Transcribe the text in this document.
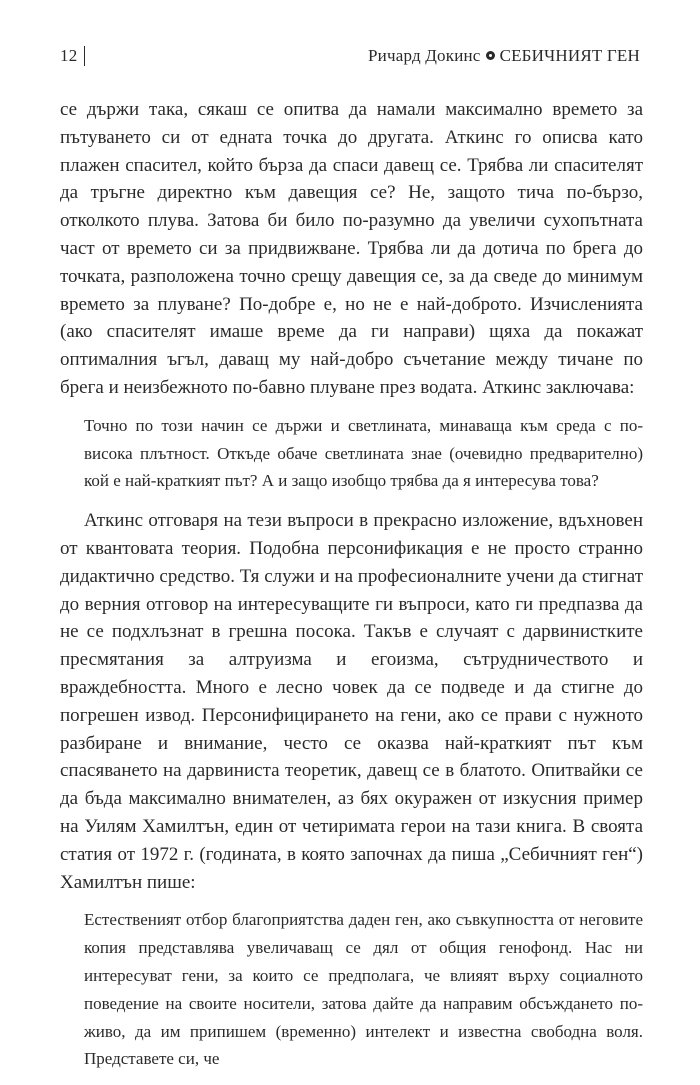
12	Ричард Докинс СЕБИЧНИЯТ ГЕН

се държи така, сякаш се опитва да намали максимално времето за пътуването си от едната точка до другата. Аткинс го описва като плажен спасител, който бърза да спаси давещ се. Трябва ли спасителят да тръгне директно към давещия се? Не, защото тича по-бързо, отколкото плува. Затова би било по-разумно да увеличи сухопътната част от времето си за придвижване. Трябва ли да дотича по брега до точката, разположена точно срещу давещия се, за да сведе до минимум времето за плуване? По-добре е, но не е най-доброто. Изчисленията (ако спасителят имаше време да ги направи) щяха да покажат оптималния ъгъл, даващ му най-добро съчетание между тичане по брега и неизбежното по-бавно плуване през водата. Аткинс заключава:

Точно по този начин се държи и светлината, минаваща към среда с по-висока плътност. Откъде обаче светлината знае (очевидно предварително) кой е най-краткият път? А и защо изобщо трябва да я интересува това?

Аткинс отговаря на тези въпроси в прекрасно изложение, вдъхновен от квантовата теория. Подобна персонификация е не просто странно дидактично средство. Тя служи и на професионалните учени да стигнат до верния отговор на интересуващите ги въпроси, като ги предпазва да не се подхлъзнат в грешна посока. Такъв е случаят с дарвинистките пресмятания за алтруизма и егоизма, сътрудничеството и враждебността. Много е лесно човек да се подведе и да стигне до погрешен извод. Персонифицирането на гени, ако се прави с нужното разбиране и внимание, често се оказва най-краткият път към спасяването на дарвиниста теоретик, давещ се в блатото. Опитвайки се да бъда максимално внимателен, аз бях окуражен от изкусния пример на Уилям Хамилтън, един от четиримата герои на тази книга. В своята статия от 1972 г. (годината, в която започнах да пиша „Себичният ген“) Хамилтън пише:

Естественият отбор благоприятства даден ген, ако съвкупността от неговите копия представлява увеличаващ се дял от общия генофонд. Нас ни интересуват гени, за които се предполага, че влияят върху социалното поведение на своите носители, затова дайте да направим обсъждането по-живо, да им припишем (временно) интелект и известна свободна воля. Представете си, че
